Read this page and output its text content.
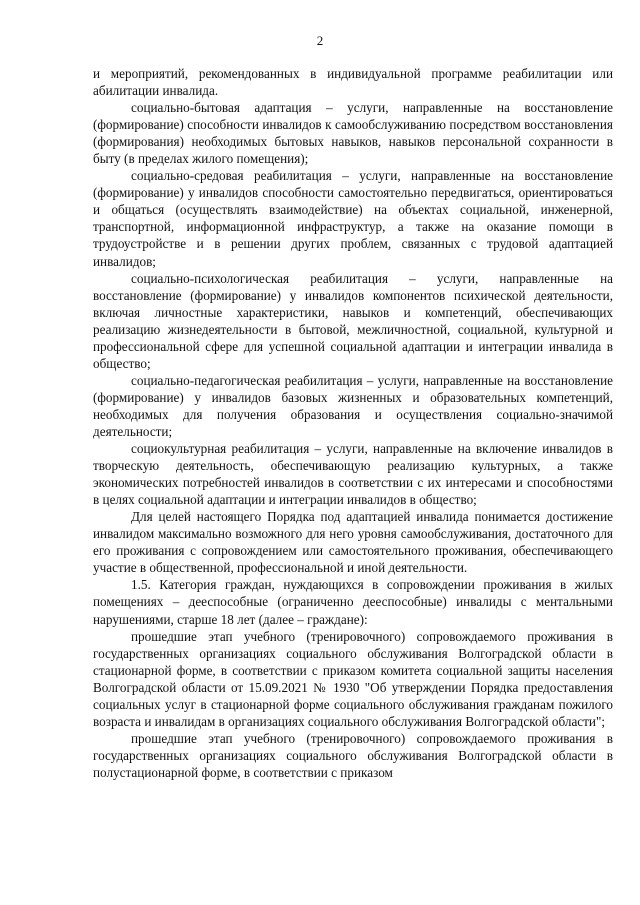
2

и мероприятий, рекомендованных в индивидуальной программе реабилитации или абилитации инвалида.

социально-бытовая адаптация – услуги, направленные на восстановление (формирование) способности инвалидов к самообслуживанию посредством восстановления (формирования) необходимых бытовых навыков, навыков персональной сохранности в быту (в пределах жилого помещения);

социально-средовая реабилитация – услуги, направленные на восстановление (формирование) у инвалидов способности самостоятельно передвигаться, ориентироваться и общаться (осуществлять взаимодействие) на объектах социальной, инженерной, транспортной, информационной инфраструктур, а также на оказание помощи в трудоустройстве и в решении других проблем, связанных с трудовой адаптацией инвалидов;

социально-психологическая реабилитация – услуги, направленные на восстановление (формирование) у инвалидов компонентов психической деятельности, включая личностные характеристики, навыков и компетенций, обеспечивающих реализацию жизнедеятельности в бытовой, межличностной, социальной, культурной и профессиональной сфере для успешной социальной адаптации и интеграции инвалида в общество;

социально-педагогическая реабилитация – услуги, направленные на восстановление (формирование) у инвалидов базовых жизненных и образовательных компетенций, необходимых для получения образования и осуществления социально-значимой деятельности;

социокультурная реабилитация – услуги, направленные на включение инвалидов в творческую деятельность, обеспечивающую реализацию культурных, а также экономических потребностей инвалидов в соответствии с их интересами и способностями в целях социальной адаптации и интеграции инвалидов в общество;

Для целей настоящего Порядка под адаптацией инвалида понимается достижение инвалидом максимально возможного для него уровня самообслуживания, достаточного для его проживания с сопровождением или самостоятельного проживания, обеспечивающего участие в общественной, профессиональной и иной деятельности.

1.5. Категория граждан, нуждающихся в сопровождении проживания в жилых помещениях – дееспособные (ограниченно дееспособные) инвалиды с ментальными нарушениями, старше 18 лет (далее – граждане):

прошедшие этап учебного (тренировочного) сопровождаемого проживания в государственных организациях социального обслуживания Волгоградской области в стационарной форме, в соответствии с приказом комитета социальной защиты населения Волгоградской области от 15.09.2021 № 1930 "Об утверждении Порядка предоставления социальных услуг в стационарной форме социального обслуживания гражданам пожилого возраста и инвалидам в организациях социального обслуживания Волгоградской области";

прошедшие этап учебного (тренировочного) сопровождаемого проживания в государственных организациях социального обслуживания Волгоградской области в полустационарной форме, в соответствии с приказом
